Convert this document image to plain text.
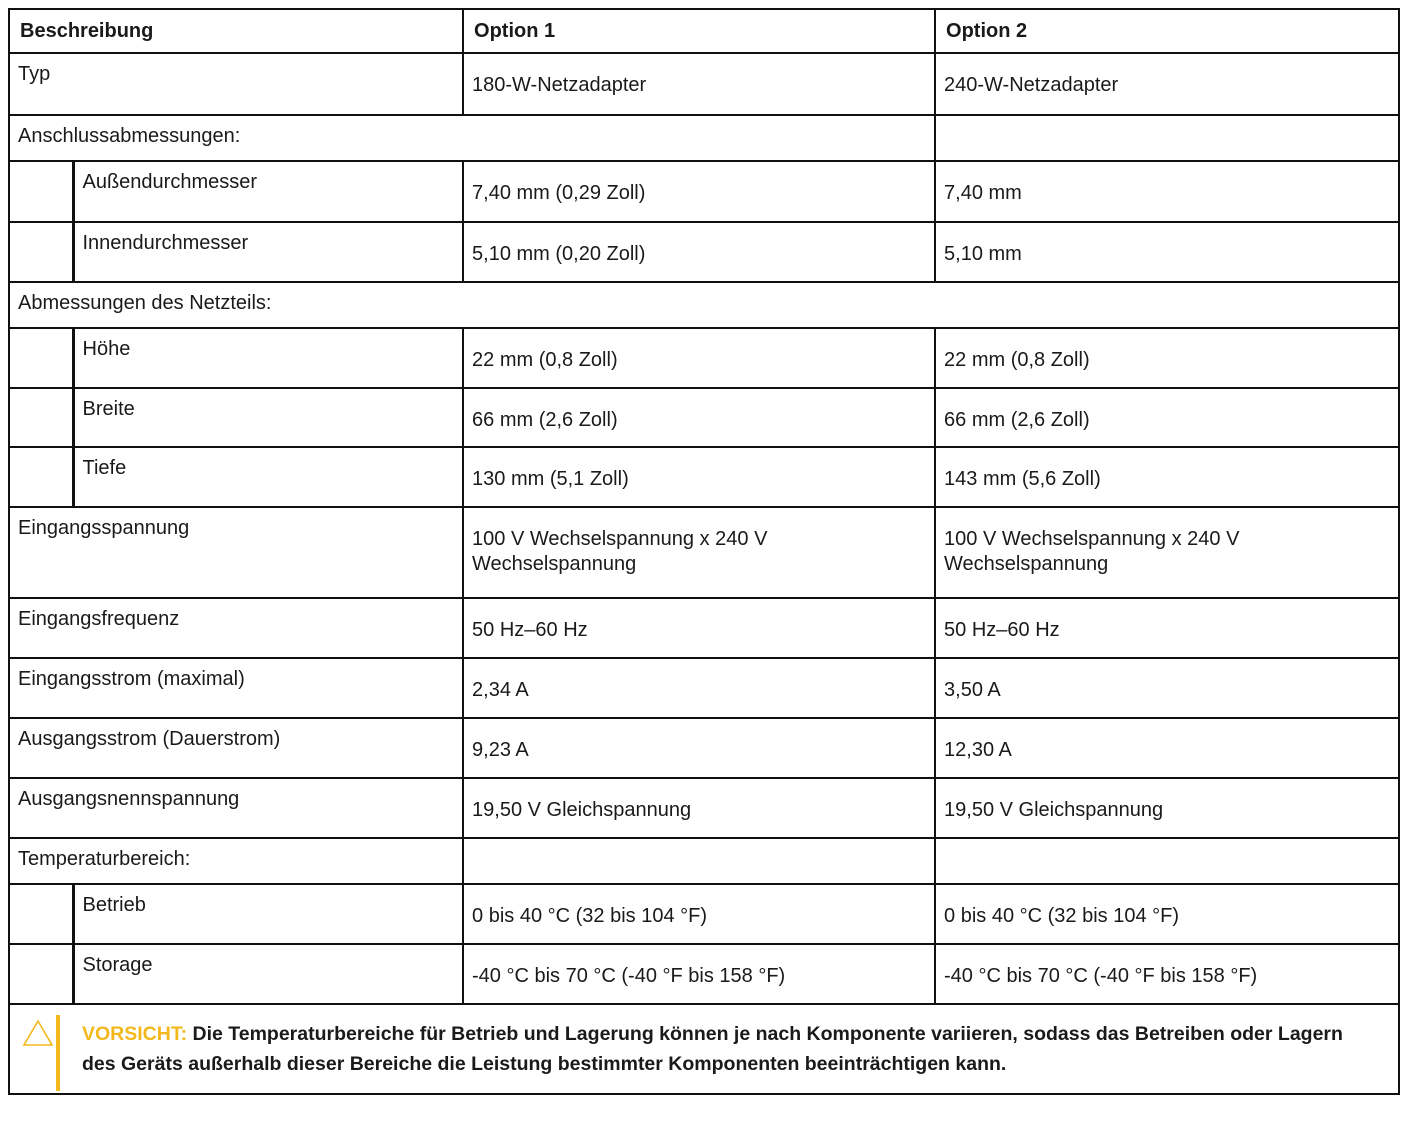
Beschreibung		Option 1	Option 2

Typ		180-W-Netzadapter	240-W-Netzadapter

Anschlussabmessungen:			

	Außendurchmesser	7,40 mm (0,29 Zoll)	7,40 mm

	Innendurchmesser	5,10 mm (0,20 Zoll)	5,10 mm

Abmessungen des Netzteils:			

	Höhe	22 mm (0,8 Zoll)	22 mm (0,8 Zoll)

	Breite	66 mm (2,6 Zoll)	66 mm (2,6 Zoll)

	Tiefe	130 mm (5,1 Zoll)	143 mm (5,6 Zoll)

Eingangsspannung		100 V Wechselspannung x 240 V Wechselspannung	100 V Wechselspannung x 240 V Wechselspannung

Eingangsfrequenz		50 Hz–60 Hz	50 Hz–60 Hz

Eingangsstrom (maximal)		2,34 A	3,50 A

Ausgangsstrom (Dauerstrom)		9,23 A	12,30 A

Ausgangsnennspannung		19,50 V Gleichspannung	19,50 V Gleichspannung

Temperaturbereich:			

	Betrieb	0 bis 40 °C (32 bis 104 °F)	0 bis 40 °C (32 bis 104 °F)

	Storage	-40 °C bis 70 °C (-40 °F bis 158 °F)	-40 °C bis 70 °C (-40 °F bis 158 °F)

VORSICHT: Die Temperaturbereiche für Betrieb und Lagerung können je nach Komponente variieren, sodass das Betreiben oder Lagern des Geräts außerhalb dieser Bereiche die Leistung bestimmter Komponenten beeinträchtigen kann.			
